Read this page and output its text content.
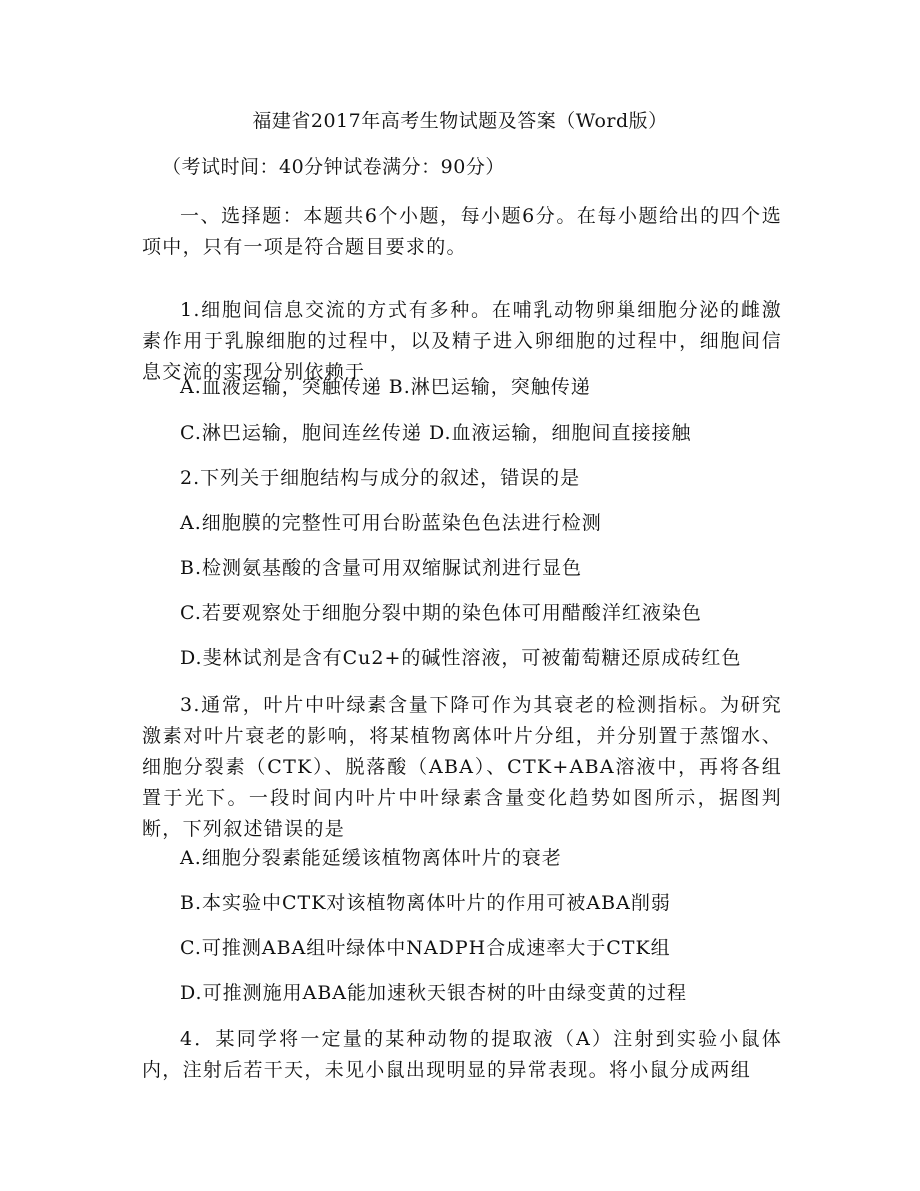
福建省2017年高考生物试题及答案（Word版）
（考试时间：40分钟试卷满分：90分）
一、选择题：本题共6个小题，每小题6分。在每小题给出的四个选项中，只有一项是符合题目要求的。
1.细胞间信息交流的方式有多种。在哺乳动物卵巢细胞分泌的雌激素作用于乳腺细胞的过程中，以及精子进入卵细胞的过程中，细胞间信息交流的实现分别依赖于
A.血液运输，突触传递 B.淋巴运输，突触传递
C.淋巴运输，胞间连丝传递 D.血液运输，细胞间直接接触
2.下列关于细胞结构与成分的叙述，错误的是
A.细胞膜的完整性可用台盼蓝染色色法进行检测
B.检测氨基酸的含量可用双缩脲试剂进行显色
C.若要观察处于细胞分裂中期的染色体可用醋酸洋红液染色
D.斐林试剂是含有Cu2+的碱性溶液，可被葡萄糖还原成砖红色
3.通常，叶片中叶绿素含量下降可作为其衰老的检测指标。为研究激素对叶片衰老的影响，将某植物离体叶片分组，并分别置于蒸馏水、细胞分裂素（CTK）、脱落酸（ABA）、CTK+ABA溶液中，再将各组置于光下。一段时间内叶片中叶绿素含量变化趋势如图所示，据图判断，下列叙述错误的是
A.细胞分裂素能延缓该植物离体叶片的衰老
B.本实验中CTK对该植物离体叶片的作用可被ABA削弱
C.可推测ABA组叶绿体中NADPH合成速率大于CTK组
D.可推测施用ABA能加速秋天银杏树的叶由绿变黄的过程
4．某同学将一定量的某种动物的提取液（A）注射到实验小鼠体内，注射后若干天，未见小鼠出现明显的异常表现。将小鼠分成两组
